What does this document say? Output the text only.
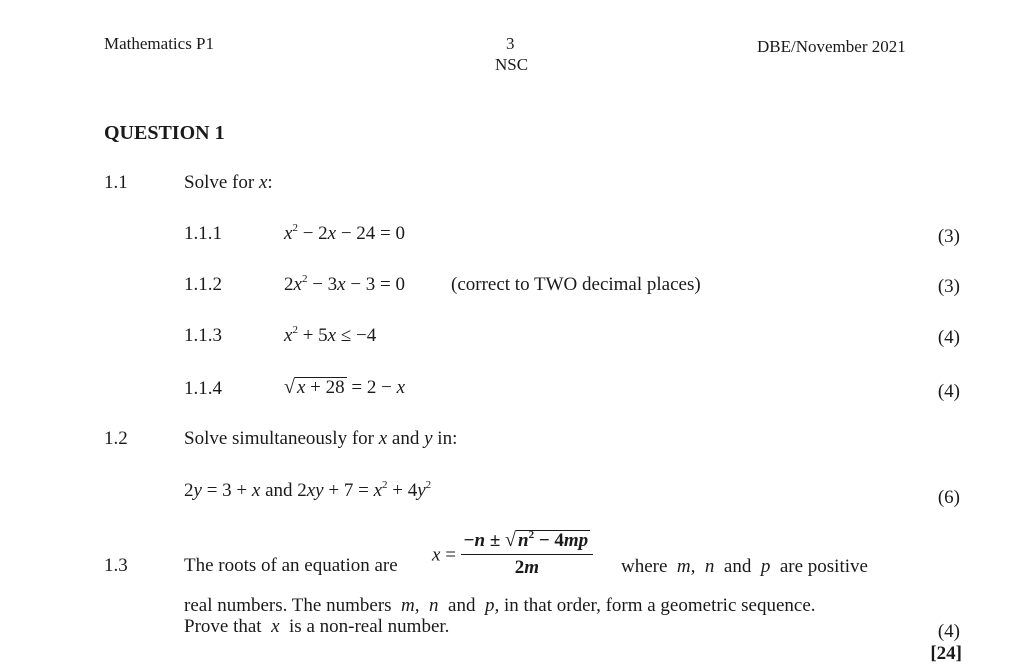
Mathematics P1	3
NSC
DBE/November 2021
QUESTION 1
1.1	Solve for x:
1.1.1	$x^2 - 2x - 24 = 0$	(3)
1.1.2	$2x^2 - 3x - 3 = 0$ (correct to TWO decimal places)	(3)
1.1.3	$x^2 + 5x \le -4$	(4)
1.1.4	√ x + 28 = 2 − x	(4)
1.2	Solve simultaneously for x and y in:
2y = 3 + x and $2xy + 7 = x^2 + 4y^2$
(6)
1.3	The roots of an equation are
$x = \frac{-n \pm √ n^2 - 4mp}{2m}$ where m, n and p are positive
real numbers. The numbers m, n and p, in that order, form a geometric sequence.
Prove that x is a non-real number.	(4)
[24]
